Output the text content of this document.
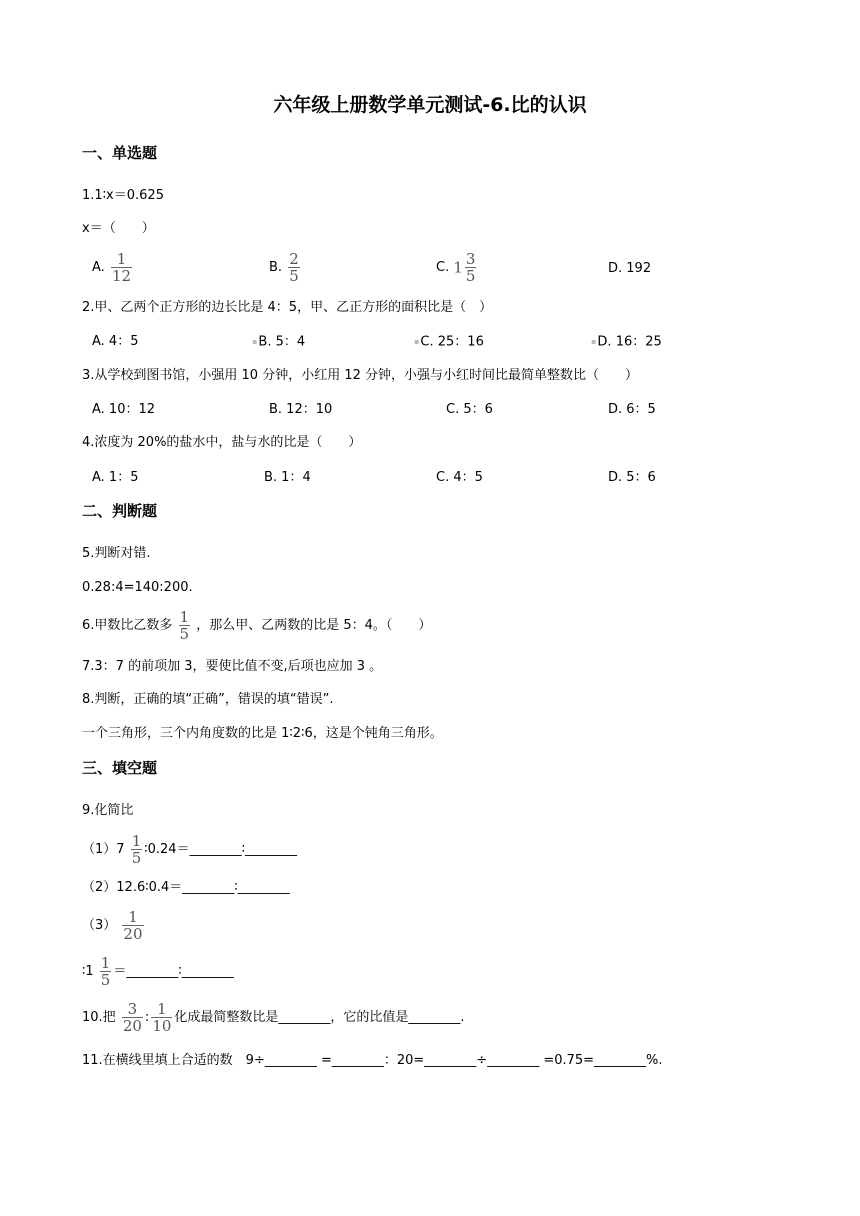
六年级上册数学单元测试-6.比的认识
一、单选题
1.1∶x＝0.625
x＝（　　）
A. $\frac{1}{12}$	B. $\frac{2}{5}$	C. $1 \frac{3}{5}$	D. 192
2.甲、乙两个正方形的边长比是 4：5，甲、乙正方形的面积比是（　）
A. 4：5	▪B. 5：4	▪C. 25：16	▪D. 16：25
3.从学校到图书馆，小强用 10 分钟，小红用 12 分钟，小强与小红时间比最简单整数比（　　）
A. 10：12	B. 12：10	C. 5：6	D. 6：5
4.浓度为 20%的盐水中，盐与水的比是（　　）
A. 1：5	B. 1：4	C. 4：5	D. 5：6
二、判断题
5.判断对错.
0.28:4=140:200.
6.甲数比乙数多 $\frac{1}{5}$ ，那么甲、乙两数的比是 5：4。（　　）
7.3：7 的前项加 3，要使比值不变,后项也应加 3 。
8.判断，正确的填“正确”，错误的填“错误”.
一个三角形，三个内角度数的比是 1∶2∶6，这是个钝角三角形。
三、填空题
9.化简比
$(1)7 \frac{1}{5}$ ∶0.24＝________∶________
（2）12.6∶0.4＝________∶________
$(3) \frac{1}{20}$
∶1 $\frac{1}{5}$ ＝________∶________
10.把 $\frac{3}{20}$ : $\frac{1}{10}$ 化成最简整数比是________，它的比值是________.
11.在横线里填上合适的数　9÷________ =________：20=________÷________ =0.75=________%.
